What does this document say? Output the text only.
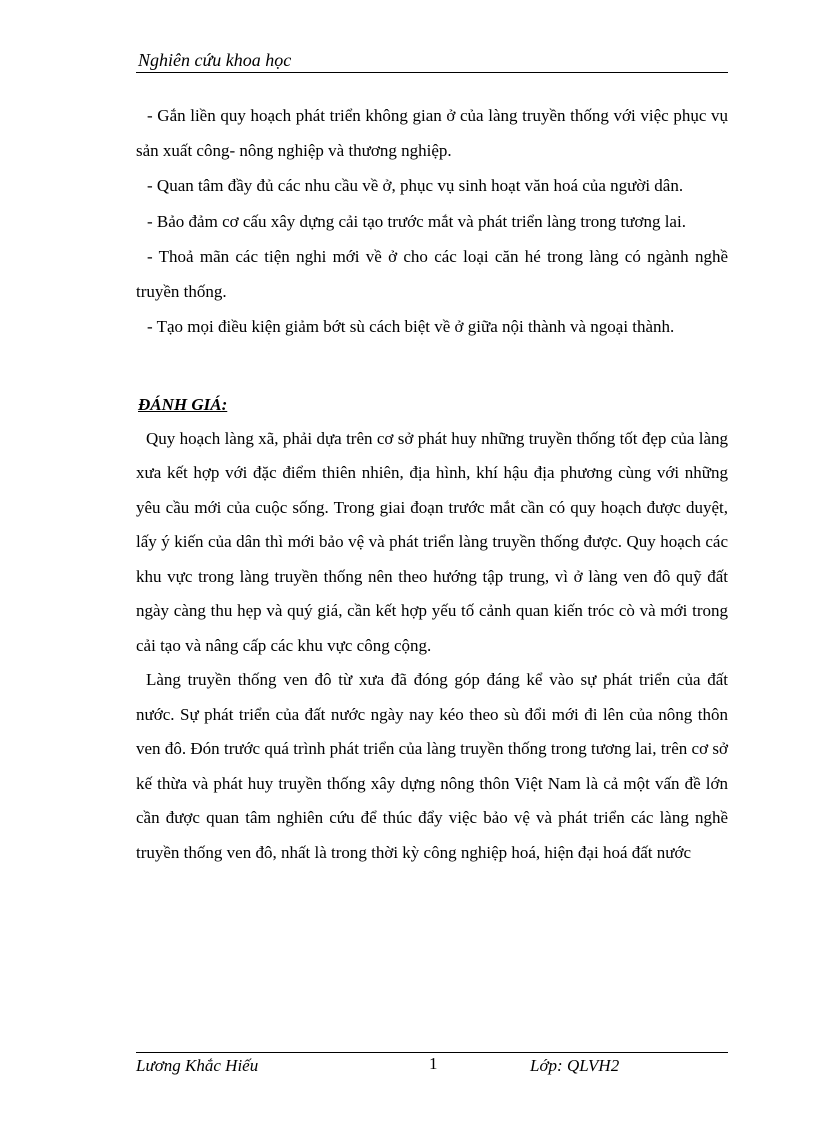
Nghiên cứu khoa học

- Gắn liền quy hoạch phát triển không gian ở của làng truyền thống với việc phục vụ sản xuất công- nông nghiệp và thương nghiệp.

- Quan tâm đầy đủ các nhu cầu về ở, phục vụ sinh hoạt văn hoá của người dân.

- Bảo đảm cơ cấu xây dựng cải tạo trước mắt và phát triển làng trong tương lai.

- Thoả mãn các tiện nghi mới về ở cho các loại căn hé trong làng có ngành nghề truyền thống.

- Tạo mọi điều kiện giảm bớt sù cách biệt về ở giữa nội thành và ngoại thành.

ĐÁNH GIÁ:

Quy hoạch làng xã, phải dựa trên cơ sở phát huy những truyền thống tốt đẹp của làng xưa kết hợp với đặc điểm thiên nhiên, địa hình, khí hậu địa phương cùng với những yêu cầu mới của cuộc sống. Trong giai đoạn trước mắt cần có quy hoạch được duyệt, lấy ý kiến của dân thì mới bảo vệ và phát triển làng truyền thống được. Quy hoạch các khu vực trong làng truyền thống nên theo hướng tập trung, vì ở làng ven đô quỹ đất ngày càng thu hẹp và quý giá, cần kết hợp yếu tố cảnh quan kiến tróc cò và mới trong cải tạo và nâng cấp các khu vực công cộng.

Làng truyền thống ven đô từ xưa đã đóng góp đáng kể vào sự phát triển của đất nước. Sự phát triển của đất nước ngày nay kéo theo sù đổi mới đi lên của nông thôn ven đô. Đón trước quá trình phát triển của làng truyền thống trong tương lai, trên cơ sở kế thừa và phát huy truyền thống xây dựng nông thôn Việt Nam là cả một vấn đề lớn cần được quan tâm nghiên cứu để thúc đẩy việc bảo vệ và phát triển các làng nghề truyền thống ven đô, nhất là trong thời kỳ công nghiệp hoá, hiện đại hoá đất nước

Lương Khắc Hiếu	1	Lớp: QLVH2
